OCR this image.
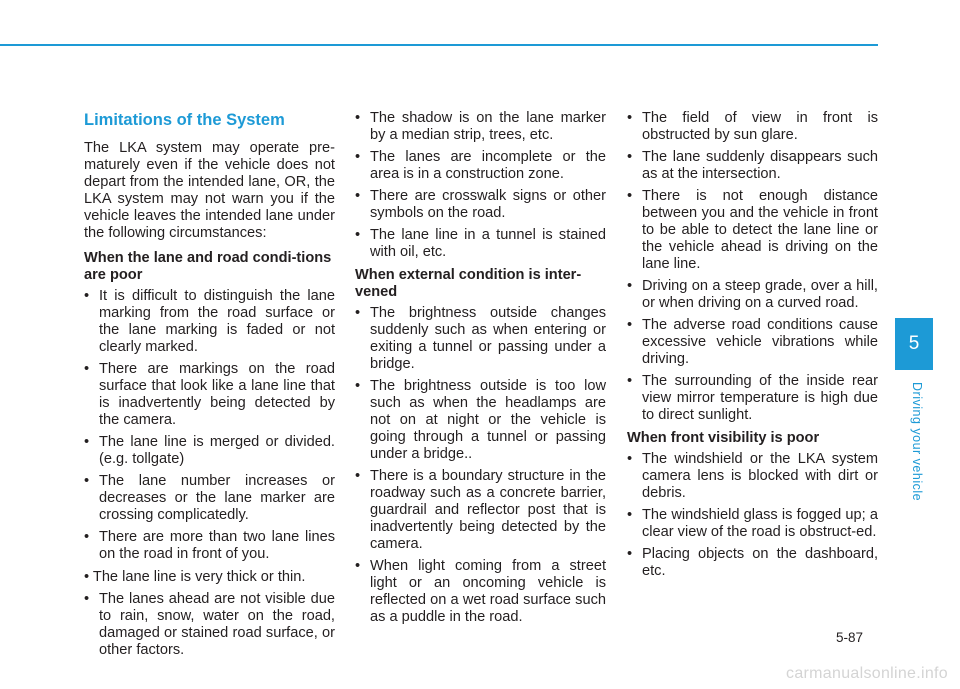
Limitations of the System

The LKA system may operate pre-maturely even if the vehicle does not depart from the intended lane, OR, the LKA system may not warn you if the vehicle leaves the intended lane under the following circumstances:

When the lane and road condi-tions are poor
• It is difficult to distinguish the lane marking from the road surface or the lane marking is faded or not clearly marked.
• There are markings on the road surface that look like a lane line that is inadvertently being detected by the camera.
• The lane line is merged or divided. (e.g. tollgate)
• The lane number increases or decreases or the lane marker are crossing complicatedly.
• There are more than two lane lines on the road in front of you.
• The lane line is very thick or thin.
• The lanes ahead are not visible due to rain, snow, water on the road, damaged or stained road surface, or other factors.
• The shadow is on the lane marker by a median strip, trees, etc.
• The lanes are incomplete or the area is in a construction zone.
• There are crosswalk signs or other symbols on the road.
• The lane line in a tunnel is stained with oil, etc.
When external condition is inter-vened
• The brightness outside changes suddenly such as when entering or exiting a tunnel or passing under a bridge.
• The brightness outside is too low such as when the headlamps are not on at night or the vehicle is going through a tunnel or passing under a bridge..
• There is a boundary structure in the roadway such as a concrete barrier, guardrail and reflector post that is inadvertently being detected by the camera.
• When light coming from a street light or an oncoming vehicle is reflected on a wet road surface such as a puddle in the road.
• The field of view in front is obstructed by sun glare.
• The lane suddenly disappears such as at the intersection.
• There is not enough distance between you and the vehicle in front to be able to detect the lane line or the vehicle ahead is driving on the lane line.
• Driving on a steep grade, over a hill, or when driving on a curved road.
• The adverse road conditions cause excessive vehicle vibrations while driving.
• The surrounding of the inside rear view mirror temperature is high due to direct sunlight.
When front visibility is poor
• The windshield or the LKA system camera lens is blocked with dirt or debris.
• The windshield glass is fogged up; a clear view of the road is obstruct-ed.
• Placing objects on the dashboard, etc.
5
Driving your vehicle
5-87
carmanualsonline.info
